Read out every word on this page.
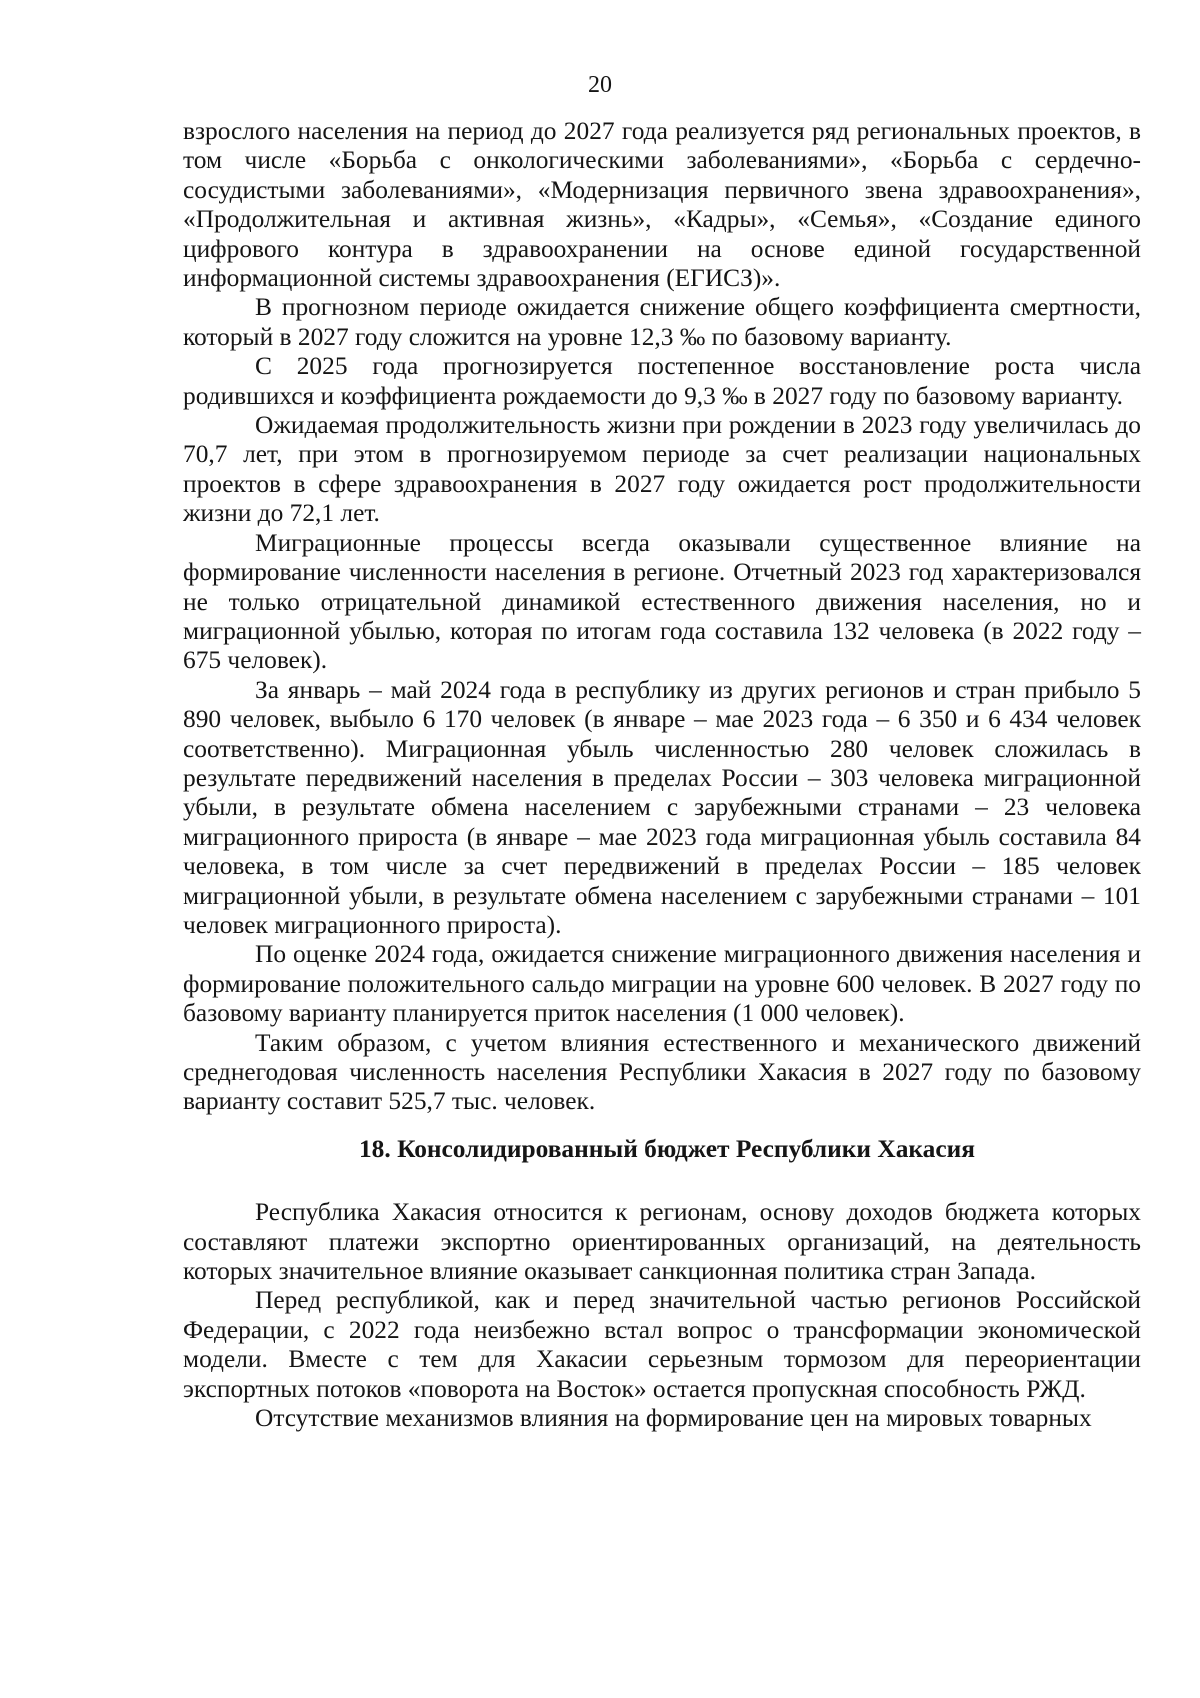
20

взрослого населения на период до 2027 года реализуется ряд региональных проектов, в том числе «Борьба с онкологическими заболеваниями», «Борьба с сердечно-сосудистыми заболеваниями», «Модернизация первичного звена здравоохранения», «Продолжительная и активная жизнь», «Кадры», «Семья», «Создание единого цифрового контура в здравоохранении на основе единой государственной информационной системы здравоохранения (ЕГИСЗ)».

В прогнозном периоде ожидается снижение общего коэффициента смертности, который в 2027 году сложится на уровне 12,3 ‰ по базовому варианту.

С 2025 года прогнозируется постепенное восстановление роста числа родившихся и коэффициента рождаемости до 9,3 ‰ в 2027 году по базовому варианту.

Ожидаемая продолжительность жизни при рождении в 2023 году увеличилась до 70,7 лет, при этом в прогнозируемом периоде за счет реализации национальных проектов в сфере здравоохранения в 2027 году ожидается рост продолжительности жизни до 72,1 лет.

Миграционные процессы всегда оказывали существенное влияние на формирование численности населения в регионе. Отчетный 2023 год характеризовался не только отрицательной динамикой естественного движения населения, но и миграционной убылью, которая по итогам года составила 132 человека (в 2022 году – 675 человек).

За январь – май 2024 года в республику из других регионов и стран прибыло 5 890 человек, выбыло 6 170 человек (в январе – мае 2023 года – 6 350 и 6 434 человек соответственно). Миграционная убыль численностью 280 человек сложилась в результате передвижений населения в пределах России – 303 человека миграционной убыли, в результате обмена населением с зарубежными странами – 23 человека миграционного прироста (в январе – мае 2023 года миграционная убыль составила 84 человека, в том числе за счет передвижений в пределах России – 185 человек миграционной убыли, в результате обмена населением с зарубежными странами – 101 человек миграционного прироста).

По оценке 2024 года, ожидается снижение миграционного движения населения и формирование положительного сальдо миграции на уровне 600 человек. В 2027 году по базовому варианту планируется приток населения (1 000 человек).

Таким образом, с учетом влияния естественного и механического движений среднегодовая численность населения Республики Хакасия в 2027 году по базовому варианту составит 525,7 тыс. человек.

18. Консолидированный бюджет Республики Хакасия

Республика Хакасия относится к регионам, основу доходов бюджета которых составляют платежи экспортно ориентированных организаций, на деятельность которых значительное влияние оказывает санкционная политика стран Запада.

Перед республикой, как и перед значительной частью регионов Российской Федерации, с 2022 года неизбежно встал вопрос о трансформации экономической модели. Вместе с тем для Хакасии серьезным тормозом для переориентации экспортных потоков «поворота на Восток» остается пропускная способность РЖД.

Отсутствие механизмов влияния на формирование цен на мировых товарных
